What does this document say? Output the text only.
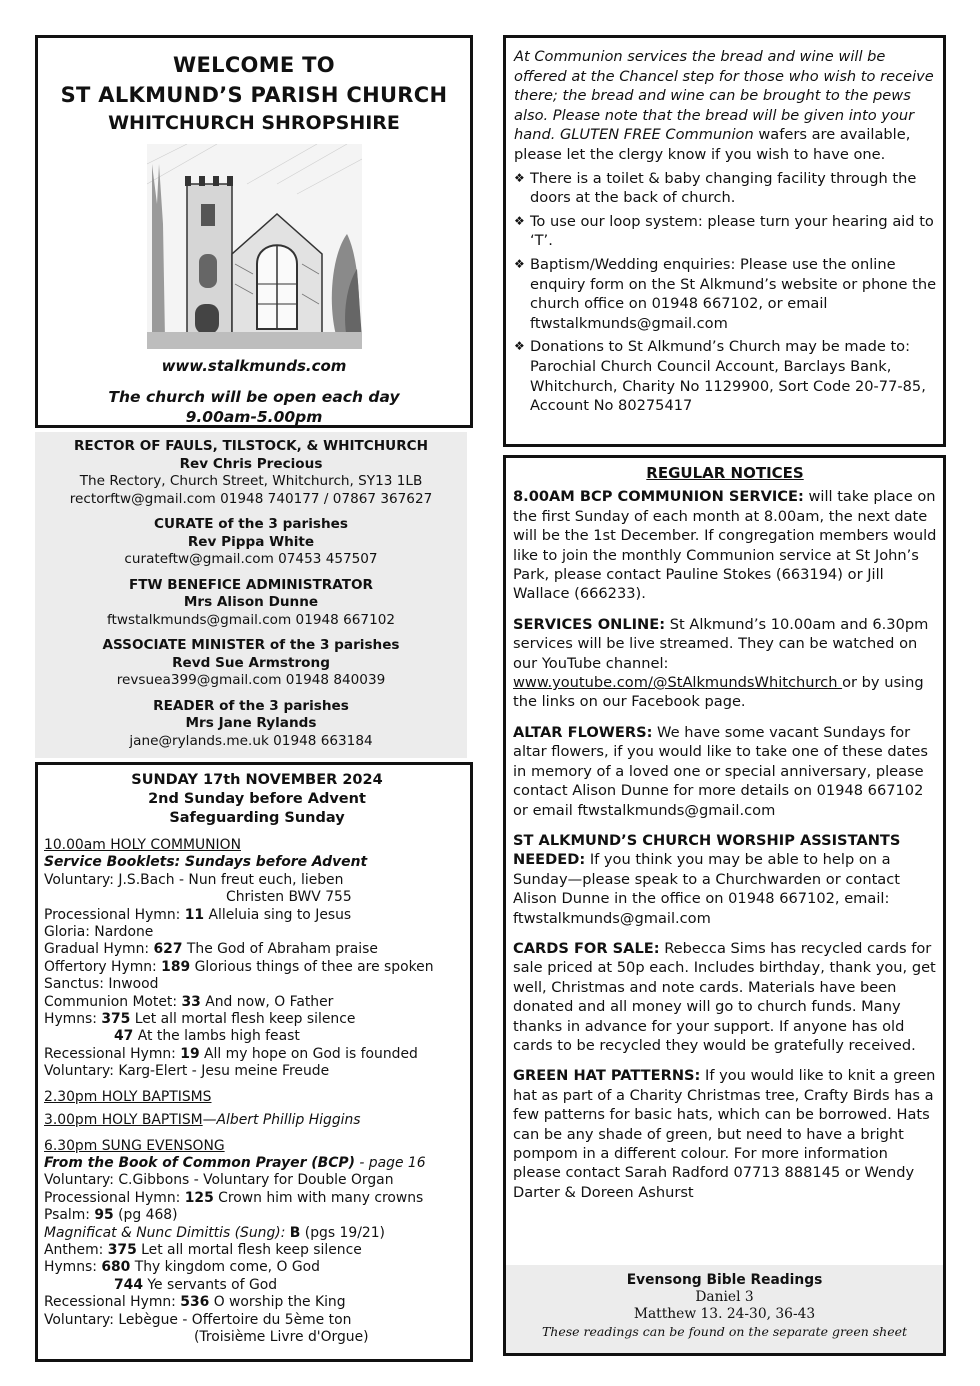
WELCOME TO
ST ALKMUND’S PARISH CHURCH
WHITCHURCH SHROPSHIRE
www.stalkmunds.com
The church will be open each day
9.00am-5.00pm
RECTOR OF FAULS, TILSTOCK, & WHITCHURCH
Rev Chris Precious
The Rectory, Church Street, Whitchurch, SY13 1LB
rectorftw@gmail.com 01948 740177 / 07867 367627
CURATE of the 3 parishes
Rev Pippa White
curateftw@gmail.com 07453 457507
FTW BENEFICE ADMINISTRATOR
Mrs Alison Dunne
ftwstalkmunds@gmail.com 01948 667102
ASSOCIATE MINISTER of the 3 parishes
Revd Sue Armstrong
revsuea399@gmail.com 01948 840039
READER of the 3 parishes
Mrs Jane Rylands
jane@rylands.me.uk 01948 663184
SUNDAY 17th NOVEMBER 2024
2nd Sunday before Advent
Safeguarding Sunday
10.00am HOLY COMMUNION
Service Booklets: Sundays before Advent
Voluntary: J.S.Bach - Nun freut euch, lieben
Christen BWV 755
Processional Hymn: 11 Alleluia sing to Jesus
Gloria: Nardone
Gradual Hymn: 627 The God of Abraham praise
Offertory Hymn: 189 Glorious things of thee are spoken
Sanctus: Inwood
Communion Motet: 33 And now, O Father
Hymns: 375 Let all mortal flesh keep silence
47 At the lambs high feast
Recessional Hymn: 19 All my hope on God is founded
Voluntary: Karg-Elert - Jesu meine Freude
2.30pm HOLY BAPTISMS
3.00pm HOLY BAPTISM—Albert Phillip Higgins
6.30pm SUNG EVENSONG
From the Book of Common Prayer (BCP) - page 16
Voluntary: C.Gibbons - Voluntary for Double Organ
Processional Hymn: 125 Crown him with many crowns
Psalm: 95 (pg 468)
Magnificat & Nunc Dimittis (Sung): B (pgs 19/21)
Anthem: 375 Let all mortal flesh keep silence
Hymns: 680 Thy kingdom come, O God
744 Ye servants of God
Recessional Hymn: 536 O worship the King
Voluntary: Lebègue - Offertoire du 5ème ton
(Troisième Livre d'Orgue)
At Communion services the bread and wine will be offered at the Chancel step for those who wish to receive there; the bread and wine can be brought to the pews also. Please note that the bread will be given into your hand. GLUTEN FREE Communion wafers are available, please let the clergy know if you wish to have one.
❖ There is a toilet & baby changing facility through the doors at the back of church.
❖ To use our loop system: please turn your hearing aid to ‘T’.
❖ Baptism/Wedding enquiries: Please use the online enquiry form on the St Alkmund’s website or phone the church office on 01948 667102, or email ftwstalkmunds@gmail.com
❖ Donations to St Alkmund’s Church may be made to: Parochial Church Council Account, Barclays Bank, Whitchurch, Charity No 1129900, Sort Code 20-77-85, Account No 80275417
REGULAR NOTICES
8.00AM BCP COMMUNION SERVICE: will take place on the first Sunday of each month at 8.00am, the next date will be the 1st December. If congregation members would like to join the monthly Communion service at St John’s Park, please contact Pauline Stokes (663194) or Jill Wallace (666233).
SERVICES ONLINE: St Alkmund’s 10.00am and 6.30pm services will be live streamed. They can be watched on our YouTube channel: www.youtube.com/@StAlkmundsWhitchurch or by using the links on our Facebook page.
ALTAR FLOWERS: We have some vacant Sundays for altar flowers, if you would like to take one of these dates in memory of a loved one or special anniversary, please contact Alison Dunne for more details on 01948 667102 or email ftwstalkmunds@gmail.com
ST ALKMUND’S CHURCH WORSHIP ASSISTANTS NEEDED: If you think you may be able to help on a Sunday—please speak to a Churchwarden or contact Alison Dunne in the office on 01948 667102, email: ftwstalkmunds@gmail.com
CARDS FOR SALE: Rebecca Sims has recycled cards for sale priced at 50p each. Includes birthday, thank you, get well, Christmas and note cards. Materials have been donated and all money will go to church funds. Many thanks in advance for your support. If anyone has old cards to be recycled they would be gratefully received.
GREEN HAT PATTERNS: If you would like to knit a green hat as part of a Charity Christmas tree, Crafty Birds has a few patterns for basic hats, which can be borrowed. Hats can be any shade of green, but need to have a bright pompom in a different colour. For more information please contact Sarah Radford 07713 888145 or Wendy Darter & Doreen Ashurst
Evensong Bible Readings
Daniel 3
Matthew 13. 24-30, 36-43
These readings can be found on the separate green sheet
